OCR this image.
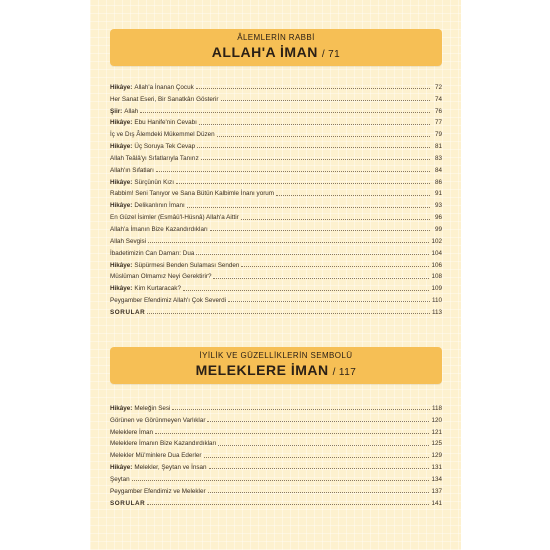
ÂLEMLERİN RABBİ
ALLAH'A İMAN / 71
Hikâye: Allah'a İnanan Çocuk	72
Her Sanat Eseri, Bir Sanatkârı Gösterir	74
Şiir: Allah	76
Hikâye: Ebu Hanife'nin Cevabı	77
İç ve Dış Âlemdeki Mükemmel Düzen	79
Hikâye: Üç Soruya Tek Cevap	81
Allah Teâlâ'yı Sıfatlarıyla Tanırız	83
Allah'ın Sıfatları	84
Hikâye: Sürçünün Kızı	86
Rabbim! Seni Tanıyor ve Sana Bütün Kalbimle İnanı yorum	91
Hikâye: Delikanlının İmanı	93
En Güzel İsimler (Esmâü'l-Hüsnâ) Allah'a Aittir	96
Allah'a İmanın Bize Kazandırdıkları	99
Allah Sevgisi	102
İbadetimizin Can Damarı: Dua	104
Hikâye: Süpürmesi Benden Sulaması Senden	106
Müslüman Olmamız Neyi Gerektirir?	108
Hikâye: Kim Kurtaracak?	109
Peygamber Efendimiz Allah'ı Çok Severdi	110
SORULAR	113
İYİLİK VE GÜZELLİKLERİN SEMBOLÜ
MELEKLERE İMAN / 117
Hikâye: Meleğin Sesi	118
Görünen ve Görünmeyen Varlıklar	120
Meleklere İman	121
Meleklere İmanın Bize Kazandırdıkları	125
Melekler Mü'minlere Dua Ederler	129
Hikâye: Melekler, Şeytan ve İnsan	131
Şeytan	134
Peygamber Efendimiz ve Melekler	137
SORULAR	141
